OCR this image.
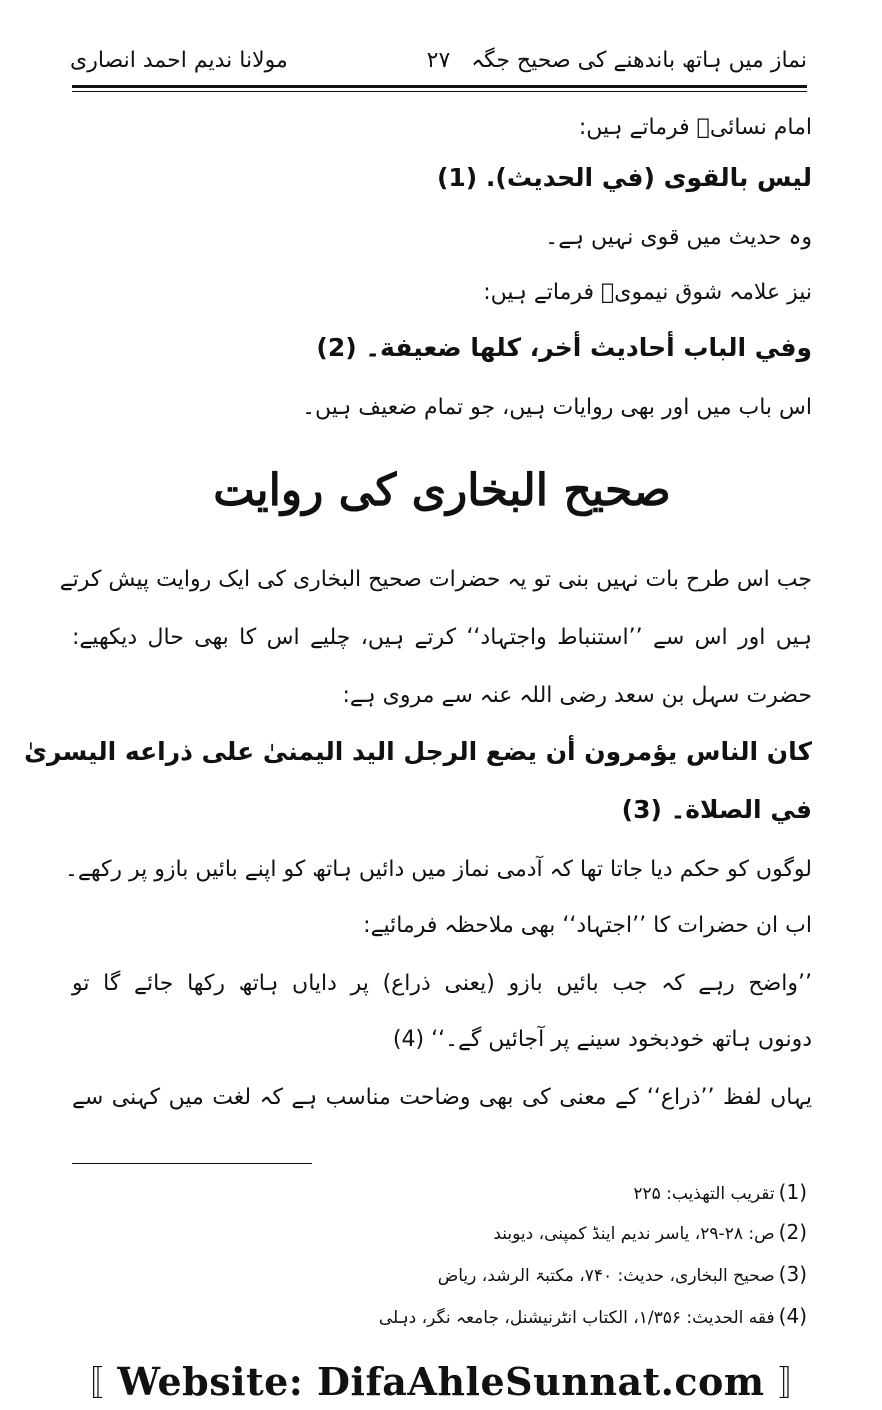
نماز میں ہاتھ باندھنے کی صحیح جگہ
۲۷
مولانا ندیم احمد انصاری
امام نسائیؒ فرماتے ہیں:
ليس بالقوى (في الحديث). (1)
وہ حدیث میں قوی نہیں ہے۔
نیز علامہ شوق نیمویؒ فرماتے ہیں:
وفي الباب أحاديث أخر، كلها ضعيفة۔ (2)
اس باب میں اور بھی روایات ہیں، جو تمام ضعیف ہیں۔
صحیح البخاری کی روایت
جب اس طرح بات نہیں بنی تو یہ حضرات صحیح البخاری کی ایک روایت پیش کرتے
ہیں اور اس سے ’’استنباط واجتہاد‘‘ کرتے ہیں، چلیے اس کا بھی حال دیکھیے:
حضرت سہل بن سعد رضی اللہ عنہ سے مروی ہے:
كان الناس يؤمرون أن يضع الرجل اليد اليمنىٰ على ذراعه اليسرىٰ
في الصلاة۔ (3)
لوگوں کو حکم دیا جاتا تھا کہ آدمی نماز میں دائیں ہاتھ کو اپنے بائیں بازو پر رکھے۔
اب ان حضرات کا ’’اجتہاد‘‘ بھی ملاحظہ فرمائیے:
’’واضح رہے کہ جب بائیں بازو (یعنی ذراع) پر دایاں ہاتھ رکھا جائے گا تو
دونوں ہاتھ خودبخود سینے پر آجائیں گے۔‘‘ (4)
یہاں لفظ ’’ذراع‘‘ کے معنی کی بھی وضاحت مناسب ہے کہ لغت میں کہنی سے
(1)تقريب التهذيب: ۲۲۵
(2)ص: ۲۸-۲۹، یاسر ندیم اینڈ کمپنی، دیوبند
(3)صحیح البخاری، حدیث: ۷۴۰، مکتبۃ الرشد، ریاض
(4)فقه الحدیث: ۱/۳۵۶، الکتاب انٹرنیشنل، جامعہ نگر، دہلی
〚 Website: DifaAhleSunnat.com 〛
